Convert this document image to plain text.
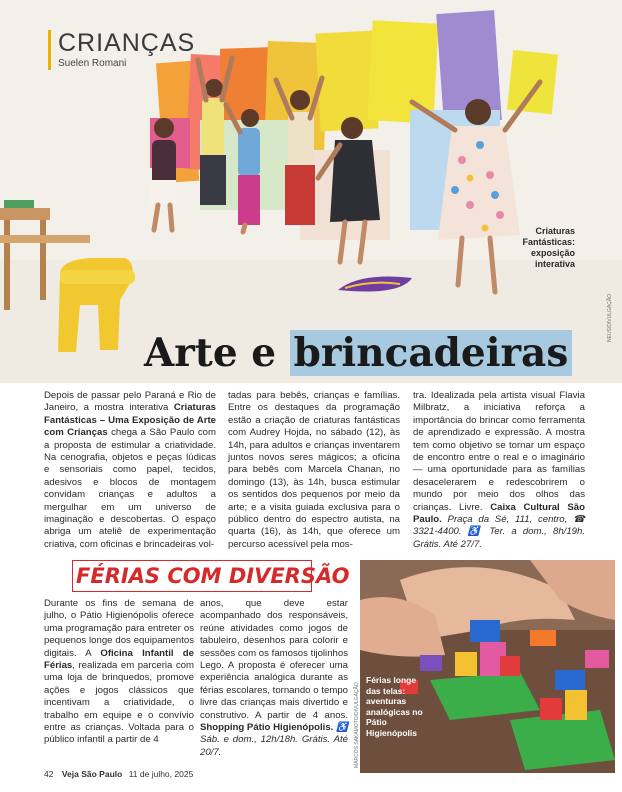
CRIANÇAS
Suelen Romani
Criaturas Fantásticas: exposição interativa
NEUS/DIVULGAÇÃO
Arte e brincadeiras
Depois de passar pelo Paraná e Rio de Janeiro, a mostra interativa Criaturas Fantásticas – Uma Exposição de Arte com Crianças chega a São Paulo com a proposta de estimular a criatividade. Na cenografia, objetos e peças lúdicas e sensoriais como papel, tecidos, adesivos e blocos de montagem convidam crianças e adultos a mergulhar em um universo de imaginação e descobertas. O espaço abriga um ateliê de experimentação criativa, com oficinas e brincadeiras vol-
tadas para bebês, crianças e famílias. Entre os destaques da programação estão a criação de criaturas fantásticas com Audrey Hojda, no sábado (12), às 14h, para adultos e crianças inventarem juntos novos seres mágicos; a oficina para bebês com Marcela Chanan, no domingo (13), às 14h, busca estimular os sentidos dos pequenos por meio da arte; e a visita guiada exclusiva para o público dentro do espectro autista, na quarta (16), às 14h, que oferece um percurso acessível pela mos-
tra. Idealizada pela artista visual Flavia Milbratz, a iniciativa reforça a importância do brincar como ferramenta de aprendizado e expressão. A mostra tem como objetivo se tornar um espaço de encontro entre o real e o imaginário — uma oportunidade para as famílias desacelerarem e redescobrirem o mundo por meio dos olhos das crianças. Livre. Caixa Cultural São Paulo. Praça da Sé, 111, centro, ☎ 3321-4400. ♿ Ter. a dom., 8h/19h. Grátis. Até 27/7.
FÉRIAS COM DIVERSÃO
Durante os fins de semana de julho, o Pátio Higienópolis oferece uma programação para entreter os pequenos longe dos equipamentos digitais. A Oficina Infantil de Férias, realizada em parceria com uma loja de brinquedos, promove ações e jogos clássicos que incentivam a criatividade, o trabalho em equipe e o convívio entre as crianças. Voltada para o público infantil a partir de 4
anos, que deve estar acompanhado dos responsáveis, reúne atividades como jogos de tabuleiro, desenhos para colorir e sessões com os famosos tijolinhos Lego. A proposta é oferecer uma experiência analógica durante as férias escolares, tornando o tempo livre das crianças mais divertido e construtivo. A partir de 4 anos. Shopping Pátio Higienópolis. ♿ Sáb. e dom., 12h/18h. Grátis. Até 20/7.
Férias longe das telas: aventuras analógicas no Pátio Higienópolis
MARCOS SAKAMOTO/DIVULGAÇÃO
42 Veja São Paulo 11 de julho, 2025
